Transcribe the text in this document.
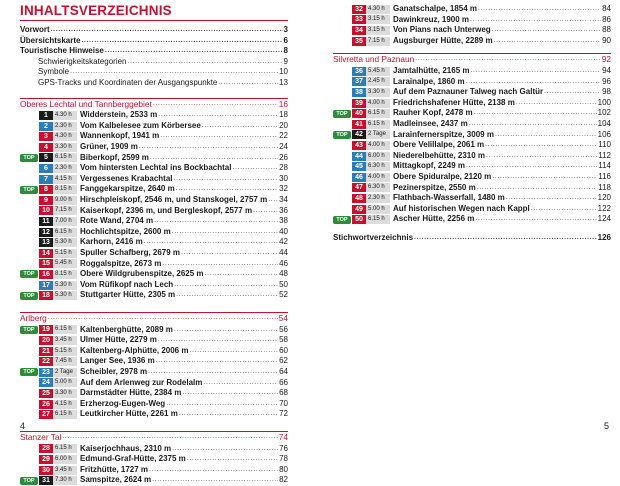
INHALTSVERZEICHNIS
Vorwort .....	3
Übersichtskarte .....	6
Touristische Hinweise .....	8
Schwierigkeitskategorien .....	9
Symbole .....	10
GPS-Tracks und Koordinaten der Ausgangspunkte .....	13
Oberes Lechtal und Tannberggebiet .....	16
1	4.30 h	Widderstein, 2533 m .....	18
2	2.30 h	Vom Kalbelesee zum Körbersee .....	20
3	4.30 h	Wannenkopf, 1941 m .....	22
4	3.30 h	Grüner, 1909 m .....	24
TOP	5	6.15 h	Biberkopf, 2599 m .....	26
6	2.30 h	Vom hintersten Lechtal ins Bockbachtal .....	28
7	4.15 h	Vergessenes Krabachtal .....	30
TOP	8	8.15 h	Fanggekarspitze, 2640 m .....	32
9	9.00 h	Hirschpleiskopf, 2546 m, und Stanskogel, 2757 m ..... 34
10 7.15 h	Kaiserkopf, 2396 m, und Bergleskopf, 2577 m .....	36
11 7.00 h	Rote Wand, 2704 m .....	38
12 6.15 h	Hochlichtspitze, 2600 m .....	40
13 5.30 h	Karhorn, 2416 m .....	42
14 5.15 h	Spuller Schafberg, 2679 m .....	44
15 5.45 h	Roggalspitze, 2673 m .....	46
TOP	16 8.15 h	Obere Wildgrubenspitze, 2625 m .....	48
17 5.30 h	Vom Rüfikopf nach Lech .....	50
TOP	18 5.30 h	Stuttgarter Hütte, 2305 m .....	52
Arlberg .....	54
TOP	19 6.15 h	Kaltenberghütte, 2089 m .....	56
20 3.45 h	Ulmer Hütte, 2279 m .....	58
21 5.15 h	Kaltenberg-Alphütte, 2006 m .....	60
22 7.45 h	Langer See, 1936 m .....	62
TOP	23 2 Tage Scheibler, 2978 m .....	64
24 5.00 h	Auf dem Arlenweg zur Rodelalm .....	66
25 3.30 h	Darmstädter Hütte, 2384 m .....	68
26 4.15 h	Erzherzog-Eugen-Weg .....	70
27 6.15 h	Leutkircher Hütte, 2261 m .....	72
Stanzer Tal .....	74
28 6.15 h	Kaiserjochhaus, 2310 m .....	76
29 6.00 h	Edmund-Graf-Hütte, 2375 m .....	78
30 3.45 h	Fritzhütte, 1727 m .....	80
TOP	31 7.30 h	Samspitze, 2624 m .....	82
32 4.30 h	Ganatschalpe, 1854 m .....	84
33 3.15 h	Dawinkreuz, 1900 m .....	86
34 3.15 h	Von Pians nach Unterweg .....	88
35 7.15 h	Augsburger Hütte, 2289 m .....	90
Silvretta und Paznaun .....	92
36 5.45 h	Jamtalhütte, 2165 m .....	94
37 2.45 h	Larainalpe, 1860 m .....	96
38 3.30 h	Auf dem Paznauner Talweg nach Galtür .....	98
39 4.00 h	Friedrichshafener Hütte, 2138 m .....	100
TOP	40 6.15 h	Rauher Kopf, 2478 m .....	102
41 6.15 h	Madleinsee, 2437 m .....	104
TOP	42 2 Tage Larainfernerspitze, 3009 m .....	106
43 4.00 h	Obere Velillalpe, 2061 m .....	110
44 6.00 h	Niederelbehütte, 2310 m .....	112
45 6.30 h	Mittagkopf, 2249 m .....	114
46 4.00 h	Obere Spiduralpe, 2120 m .....	116
47 6.30 h	Pezinerspitze, 2550 m .....	118
48 2.30 h	Flathbach-Wasserfall, 1480 m .....	120
49 5.00 h	Auf historischen Wegen nach Kappl .....	122
TOP	50 6.15 h	Ascher Hütte, 2256 m .....	124
Stichwortverzeichnis .....	126
4	5
